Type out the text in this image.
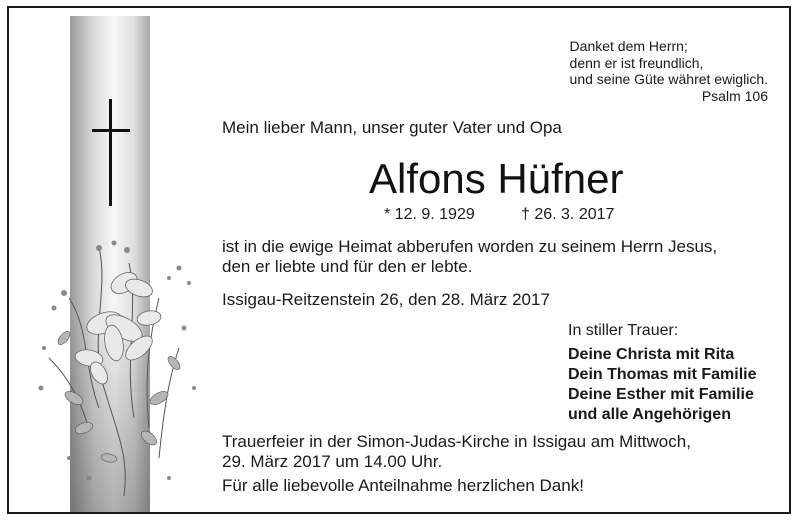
Danket dem Herrn;
denn er ist freundlich,
und seine Güte währet ewiglich.
Psalm 106
Mein lieber Mann, unser guter Vater und Opa
Alfons Hüfner
* 12. 9. 1929	† 26. 3. 2017
ist in die ewige Heimat abberufen worden zu seinem Herrn Jesus,
den er liebte und für den er lebte.
Issigau-Reitzenstein 26, den 28. März 2017
In stiller Trauer:
Deine Christa mit Rita
Dein Thomas mit Familie
Deine Esther mit Familie
und alle Angehörigen
Trauerfeier in der Simon-Judas-Kirche in Issigau am Mittwoch,
29. März 2017 um 14.00 Uhr.
Für alle liebevolle Anteilnahme herzlichen Dank!
